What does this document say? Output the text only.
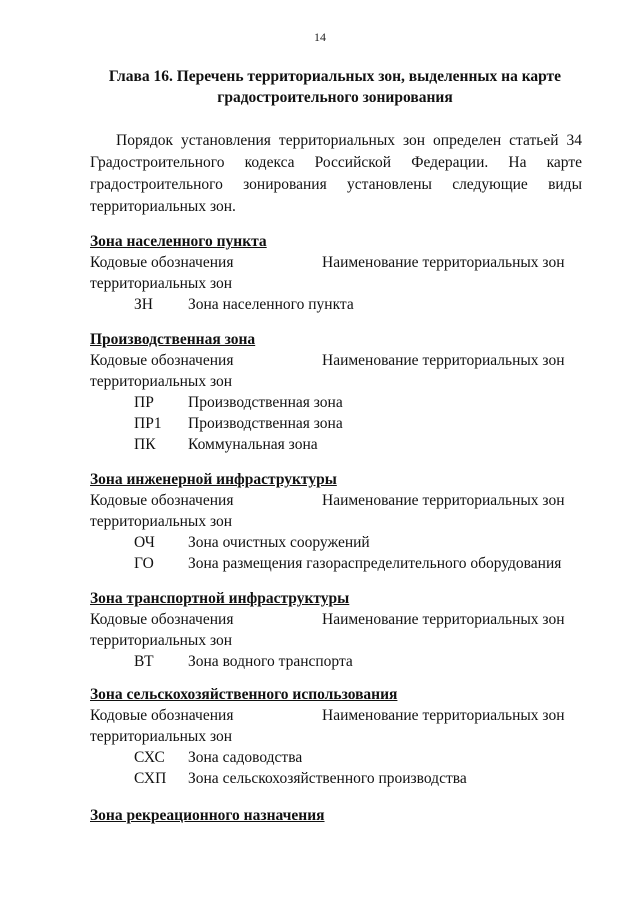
14
Глава 16. Перечень территориальных зон, выделенных на карте градостроительного зонирования
Порядок установления территориальных зон определен статьей 34 Градостроительного кодекса Российской Федерации. На карте градостроительного зонирования установлены следующие виды территориальных зон.
Зона населенного пункта
Кодовые обозначения	Наименование территориальных зон
территориальных зон
ЗН Зона населенного пункта
Производственная зона
Кодовые обозначения	Наименование территориальных зон
территориальных зон
ПР Производственная зона
ПР1 Производственная зона
ПК Коммунальная зона
Зона инженерной инфраструктуры
Кодовые обозначения	Наименование территориальных зон
территориальных зон
ОЧ Зона очистных сооружений
ГО Зона размещения газораспределительного оборудования
Зона транспортной инфраструктуры
Кодовые обозначения	Наименование территориальных зон
территориальных зон
ВТ Зона водного транспорта
Зона сельскохозяйственного использования
Кодовые обозначения	Наименование территориальных зон
территориальных зон
СХС Зона садоводства
СХП Зона сельскохозяйственного производства
Зона рекреационного назначения
